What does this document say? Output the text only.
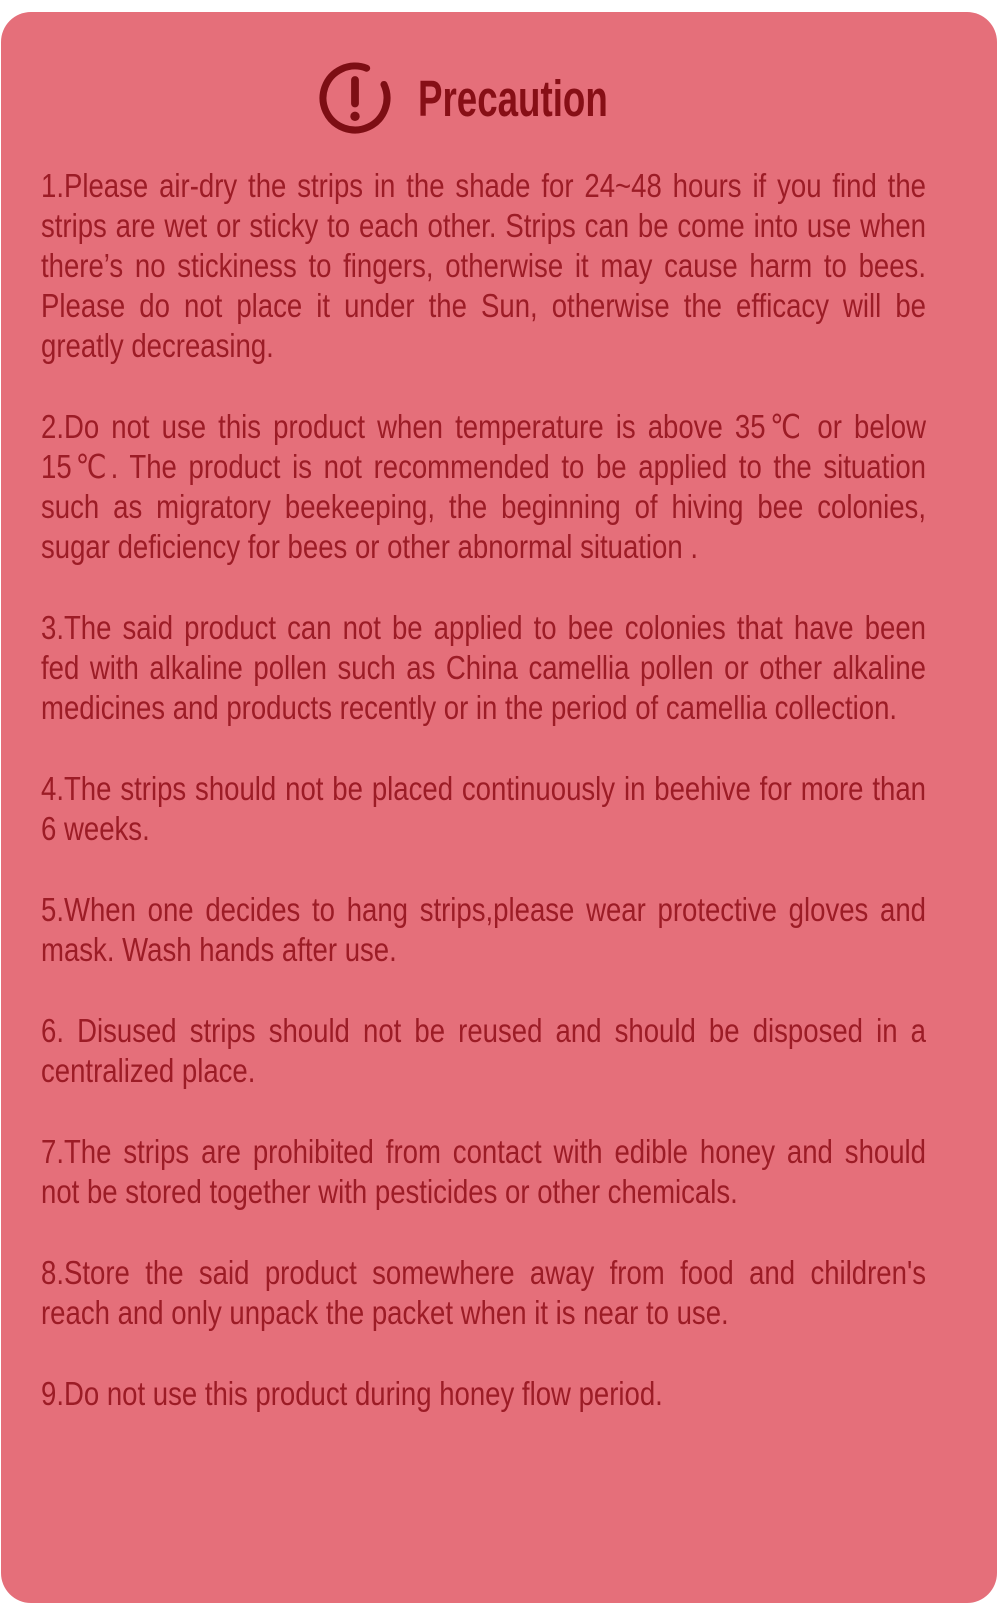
Precaution

1.Please air-dry the strips in the shade for 24~48 hours if you find the strips are wet or sticky to each other. Strips can be come into use when there’s no stickiness to fingers, otherwise it may cause harm to bees. Please do not place it under the Sun, otherwise the efficacy will be greatly decreasing.

2.Do not use this product when temperature is above 35℃ or below 15℃. The product is not recommended to be applied to the situation such as migratory beekeeping, the beginning of hiving bee colonies, sugar deficiency for bees or other abnormal situation .

3.The said product can not be applied to bee colonies that have been fed with alkaline pollen such as China camellia pollen or other alkaline medicines and products recently or in the period of camellia collection.

4.The strips should not be placed continuously in beehive for more than 6 weeks.

5.When one decides to hang strips,please wear protective gloves and mask. Wash hands after use.

6. Disused strips should not be reused and should be disposed in a centralized place.

7.The strips are prohibited from contact with edible honey and should not be stored together with pesticides or other chemicals.

8.Store the said product somewhere away from food and children's reach and only unpack the packet when it is near to use.

9.Do not use this product during honey flow period.
